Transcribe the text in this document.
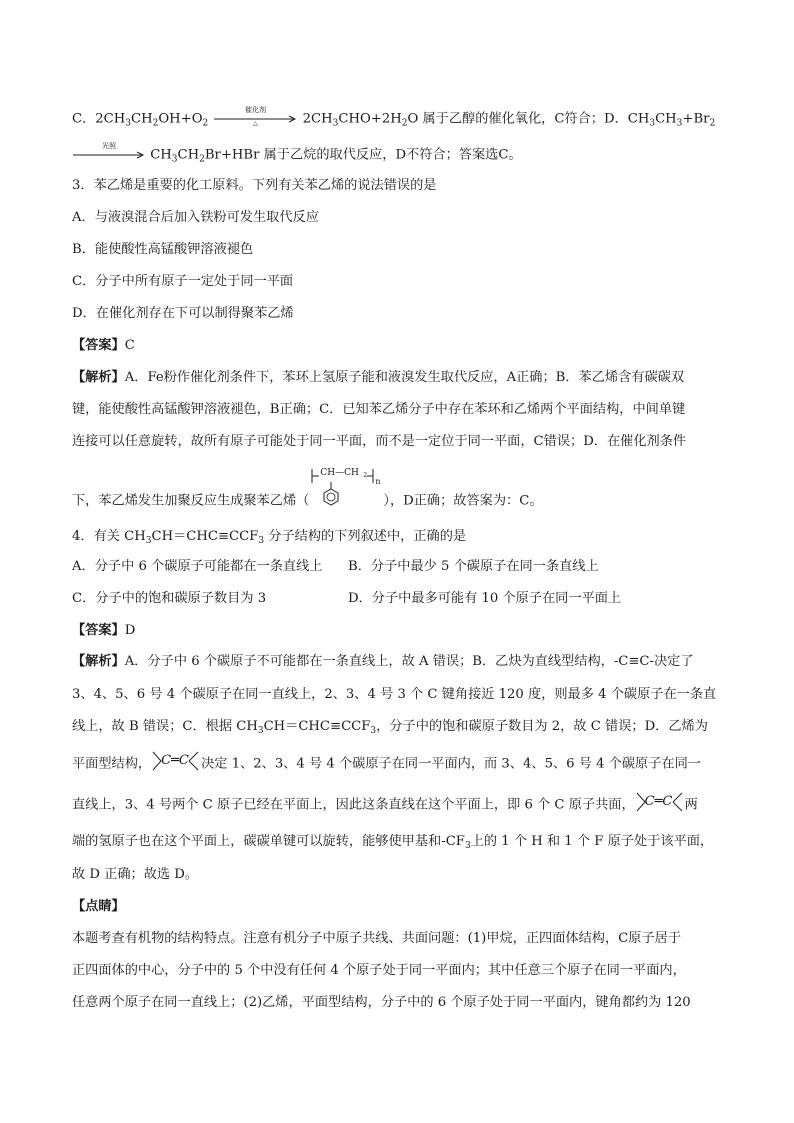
C．$2CH_3CH_2OH+O_2$
催化剂
△	$2CH_3CHO+2H_2O$ 属于乙醇的催化氧化，C符合；D．$CH_3CH_3+Br_2$
光照
$CH_3CH_2Br+HBr$ 属于乙烷的取代反应，D不符合；答案选C。
3．苯乙烯是重要的化工原料。下列有关苯乙烯的说法错误的是
A．与液溴混合后加入铁粉可发生取代反应
B．能使酸性高锰酸钾溶液褪色
C．分子中所有原子一定处于同一平面
D．在催化剂存在下可以制得聚苯乙烯
【答案】C
【解析】A．Fe粉作催化剂条件下，苯环上氢原子能和液溴发生取代反应，A正确；B．苯乙烯含有碳碳双
键，能使酸性高锰酸钾溶液褪色，B正确；C．已知苯乙烯分子中存在苯环和乙烯两个平面结构，中间单键
连接可以任意旋转，故所有原子可能处于同一平面，而不是一定位于同一平面，C错误；D．在催化剂条件
下，苯乙烯发生加聚反应生成聚苯乙烯（
CH—CH 2
n
），D正确；故答案为：C。
4．有关 $CH_3CH=CHC\equiv CCF_3$ 分子结构的下列叙述中，正确的是
A．分子中 6 个碳原子可能都在一条直线上 B．分子中最少 5 个碳原子在同一条直线上
C．分子中的饱和碳原子数目为 3	D．分子中最多可能有 10 个原子在同一平面上
【答案】D
【解析】A．分子中 6 个碳原子不可能都在一条直线上，故 A 错误；B．乙炔为直线型结构，-C≡C-决定了
3、4、5、6 号 4 个碳原子在同一直线上，2、3、4 号 3 个 C 键角接近 120 度，则最多 4 个碳原子在一条直
线上，故 B 错误；C．根据 $CH_3CH=CHC\equiv CCF_3$，分子中的饱和碳原子数目为 2，故 C 错误；D．乙烯为
平面型结构， C═C 决定 1、2、3、4 号 4 个碳原子在同一平面内，而 3、4、5、6 号 4 个碳原子在同一
直线上，3、4 号两个 C 原子已经在平面上，因此这条直线在这个平面上，即 6 个 C 原子共面， C═C 两
端的氢原子也在这个平面上，碳碳单键可以旋转，能够使甲基和$-CF_3$上的 1 个 H 和 1 个 F 原子处于该平面，
故 D 正确；故选 D。
【点睛】
本题考查有机物的结构特点。注意有机分子中原子共线、共面问题：(1)甲烷，正四面体结构，C原子居于
正四面体的中心，分子中的 5 个中没有任何 4 个原子处于同一平面内；其中任意三个原子在同一平面内，
任意两个原子在同一直线上；(2)乙烯，平面型结构，分子中的 6 个原子处于同一平面内，键角都约为 120
